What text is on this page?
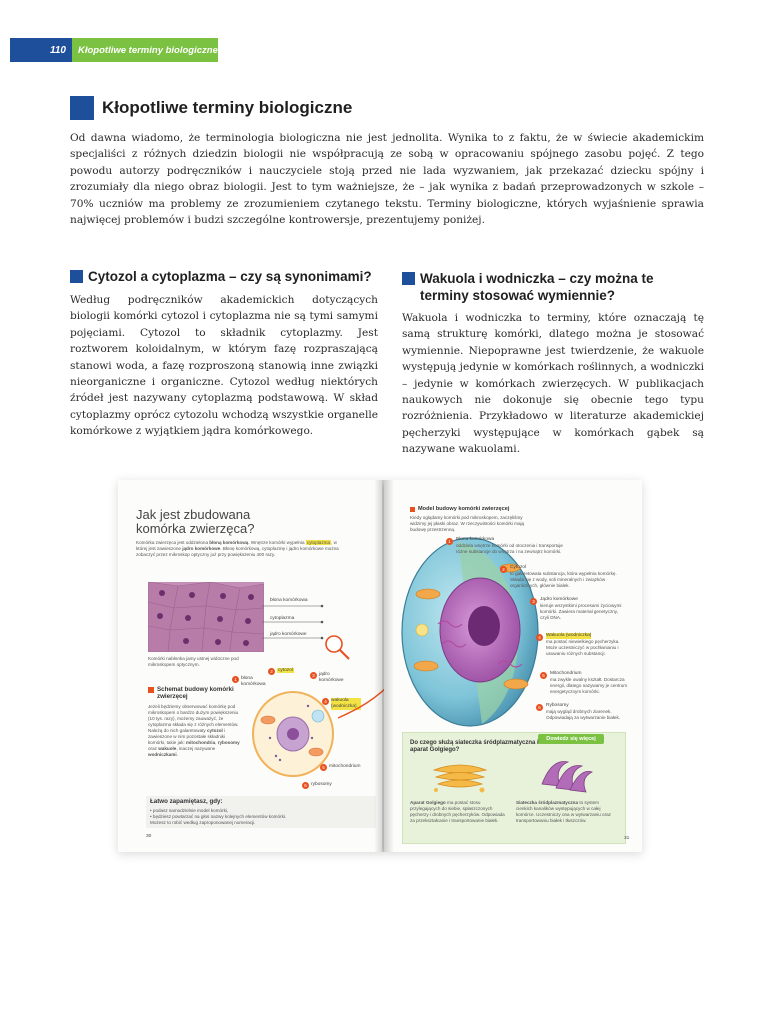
110	Kłopotliwe terminy biologiczne
Kłopotliwe terminy biologiczne

Od dawna wiadomo, że terminologia biologiczna nie jest jednolita. Wynika to z faktu, że w świecie akademickim specjaliści z różnych dziedzin biologii nie współpracują ze sobą w opracowaniu spójnego zasobu pojęć. Z tego powodu autorzy podręczników i nauczyciele stoją przed nie lada wyzwaniem, jak przekazać dziecku spójny i zrozumiały dla niego obraz biologii. Jest to tym ważniejsze, że – jak wynika z badań przeprowadzonych w szkole – 70% uczniów ma problemy ze zrozumieniem czytanego tekstu. Terminy biologiczne, których wyjaśnienie sprawia najwięcej problemów i budzi szczególne kontrowersje, prezentujemy poniżej.

Cytozol a cytoplazma – czy są synonimami?

Według podręczników akademickich dotyczących biologii komórki cytozol i cytoplazma nie są tymi samymi pojęciami. Cytozol to składnik cytoplazmy. Jest roztworem koloidalnym, w którym fazę rozpraszającą stanowi woda, a fazę rozproszoną stanowią inne związki nieorganiczne i organiczne. Cytozol według niektórych źródeł jest nazywany cytoplazmą podstawową. W skład cytoplazmy oprócz cytozolu wchodzą wszystkie organelle komórkowe z wyjątkiem jądra komórkowego.

Wakuola i wodniczka – czy można te terminy stosować wymiennie?

Wakuola i wodniczka to terminy, które oznaczają tę samą strukturę komórki, dlatego można je stosować wymiennie. Niepoprawne jest twierdzenie, że wakuole występują jedynie w komórkach roślinnych, a wodniczki – jedynie w komórkach zwierzęcych. W publikacjach naukowych nie dokonuje się obecnie tego typu rozróżnienia. Przykładowo w literaturze akademickiej pęcherzyki występujące w komórkach gąbek są nazywane wakuolami.

Jak jest zbudowana komórka zwierzęca?
Komórka zwierzęca jest oddzielona błoną komórkową. Wnętrze komórki wypełnia cytoplazma, w której jest zawieszone jądro komórkowe. Błonę komórkową, cytoplazmę i jądro komórkowe można zobaczyć przez mikroskop optyczny już przy powiększeniu 400 razy.
błona komórkowa
cytoplazma
jądro komórkowe
Komórki nabłonka jamy ustnej widoczne pod mikroskopem optycznym.
Schemat budowy komórki zwierzęcej
Jeżeli będziemy obserwować komórkę pod mikroskopem o bardzo dużym powiększeniu (10 tys. razy), możemy zauważyć, że cytoplazma składa się z różnych elementów. Należą do nich galaretowaty cytozol i zawieszone w nim pozostałe składniki komórki, takie jak: mitochondria, rybosomy oraz wakuole, inaczej nazywane wodniczkami.
1 błona komórkowa
2	cytozol
3 jądro komórkowe
4 wakuola (wodniczka)
5 mitochondrium
6 rybosomy
Łatwo zapamiętasz, gdy:
• podasz samodzielnie model komórki,
• będziesz powtarzać na głos nazwy kolejnych elementów komórki.
Możesz to robić według zaproponowanej numeracji.
30
Model budowy komórki zwierzęcej
Kiedy oglądamy komórki pod mikroskopem, zaczęliśmy widzimy jej płaski obraz. W rzeczywistości komórki mają budowę przestrzenną.
1	Błona komórkowa
oddziela wnętrze komórki od otoczenia i transportuje różne substancje do wnętrza i na zewnątrz komórki.
2	Cytozol
to galaretowata substancja, która wypełnia komórkę. Składa się z wody, soli mineralnych i związków organicznych, głównie białek.
3	Jądro komórkowe
kieruje wszystkimi procesami życiowymi komórki. Zawiera materiał genetyczny, czyli DNA.
4	Wakuola (wodniczka)
ma postać niewielkiego pęcherzyka. Może uczestniczyć w pochłanianiu i usuwaniu różnych substancji.
5	Mitochondrium
ma zwykle owalny kształt. Dostarcza energii, dlatego nazywamy je centrum energetycznym komórki.
6	Rybosomy
mają wygląd drobnych ziarenek. Odpowiadają za wytwarzanie białek.
Dowiedz się więcej
Do czego służą siateczka śródplazmatyczna i aparat Golgiego?
Aparat Golgiego ma postać stosu przylegających do siebie, spłaszczonych pęcherzy i drobnych pęcherzyków. Odpowiada za przekształcanie i transportowanie białek.
Siateczka śródplazmatyczna to system cienkich kanalików występujących w całej komórce. Uczestniczy ona w wytwarzaniu oraz transportowaniu białek i tłuszczów.
31
